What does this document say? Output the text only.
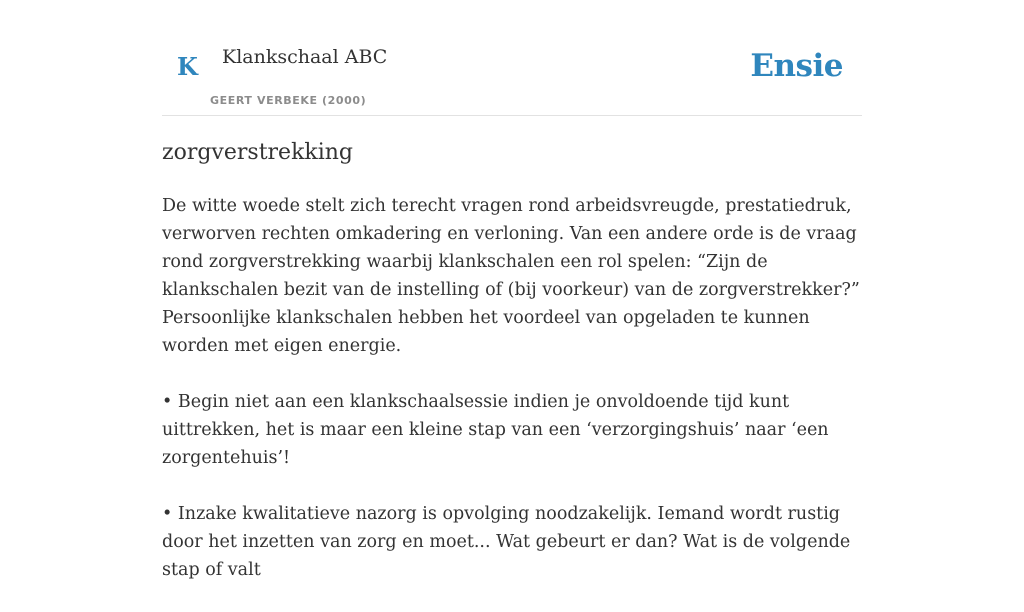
K Klankschaal ABC
GEERT VERBEKE (2000)
Ensie
zorgverstrekking

De witte woede stelt zich terecht vragen rond arbeidsvreugde, prestatiedruk, verworven rechten omkadering en verloning. Van een andere orde is de vraag rond zorgverstrekking waarbij klankschalen een rol spelen: “Zijn de klankschalen bezit van de instelling of (bij voorkeur) van de zorgverstrekker?” Persoonlijke klankschalen hebben het voordeel van opgeladen te kunnen worden met eigen energie.

• Begin niet aan een klankschaalsessie indien je onvoldoende tijd kunt uittrekken, het is maar een kleine stap van een ‘verzorgingshuis’ naar ‘een zorgentehuis’!

• Inzake kwalitatieve nazorg is opvolging noodzakelijk. Iemand wordt rustig door het inzetten van zorg en moet... Wat gebeurt er dan? Wat is de volgende stap of valt
